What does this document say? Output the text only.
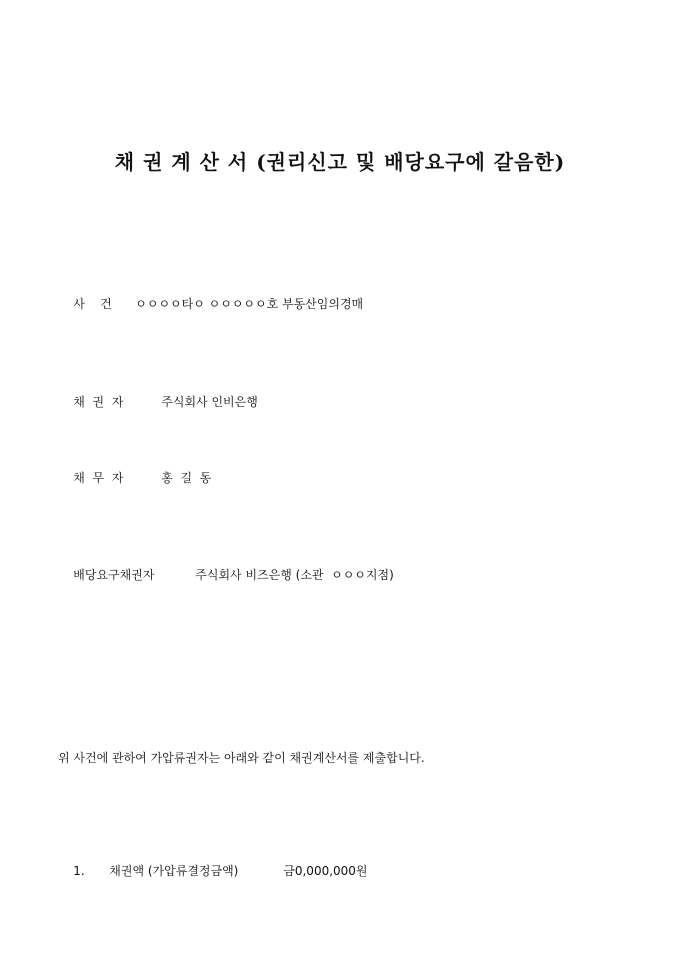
채 권 계 산 서 (권리신고 및 배당요구에 갈음한)

사    건 ㅇㅇㅇㅇ타ㅇ ㅇㅇㅇㅇㅇ호 부동산임의경매

채  권  자	주식회사 인비은행

채  무  자	홍  길  동

배당요구채권자	주식회사 비즈은행 (소관  ㅇㅇㅇ지점)

위 사건에 관하여 가압류권자는 아래와 같이 채권계산서를 제출합니다.

1. 채권액 (가압류결정금액)	금0,000,000원
